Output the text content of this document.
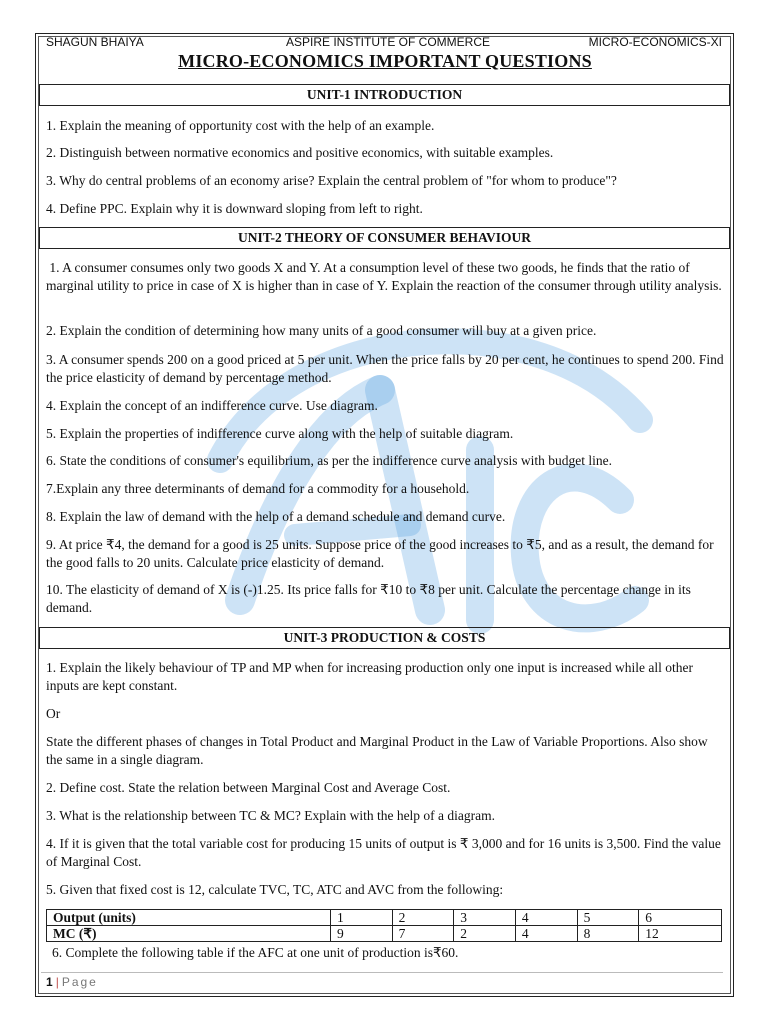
SHAGUN BHAIYA	ASPIRE INSTITUTE OF COMMERCE	MICRO-ECONOMICS-XI
MICRO-ECONOMICS IMPORTANT QUESTIONS
UNIT-1 INTRODUCTION
1. Explain the meaning of opportunity cost with the help of an example.
2. Distinguish between normative economics and positive economics, with suitable examples.
3. Why do central problems of an economy arise? Explain the central problem of "for whom to produce"?
4. Define PPC. Explain why it is downward sloping from left to right.
UNIT-2 THEORY OF CONSUMER BEHAVIOUR
1. A consumer consumes only two goods X and Y. At a consumption level of these two goods, he finds that the ratio of marginal utility to price in case of X is higher than in case of Y. Explain the reaction of the consumer through utility analysis.
2. Explain the condition of determining how many units of a good consumer will buy at a given price.
3. A consumer spends 200 on a good priced at 5 per unit. When the price falls by 20 per cent, he continues to spend 200. Find the price elasticity of demand by percentage method.
4. Explain the concept of an indifference curve. Use diagram.
5. Explain the properties of indifference curve along with the help of suitable diagram.
6. State the conditions of consumer's equilibrium, as per the indifference curve analysis with budget line.
7.Explain any three determinants of demand for a commodity for a household.
8. Explain the law of demand with the help of a demand schedule and demand curve.
9. At price ₹4, the demand for a good is 25 units. Suppose price of the good increases to ₹5, and as a result, the demand for the good falls to 20 units. Calculate price elasticity of demand.
10. The elasticity of demand of X is (-)1.25. Its price falls for ₹10 to ₹8 per unit. Calculate the percentage change in its demand.
UNIT-3 PRODUCTION & COSTS
1. Explain the likely behaviour of TP and MP when for increasing production only one input is increased while all other inputs are kept constant.
Or
State the different phases of changes in Total Product and Marginal Product in the Law of Variable Proportions. Also show the same in a single diagram.
2. Define cost. State the relation between Marginal Cost and Average Cost.
3. What is the relationship between TC & MC? Explain with the help of a diagram.
4. If it is given that the total variable cost for producing 15 units of output is ₹ 3,000 and for 16 units is 3,500. Find the value of Marginal Cost.
5. Given that fixed cost is 12, calculate TVC, TC, ATC and AVC from the following:
Output (units)	1	2	3	4	5	6
MC (₹)	9	7	2	4	8	12
6. Complete the following table if the AFC at one unit of production is₹60.
1 | Page
